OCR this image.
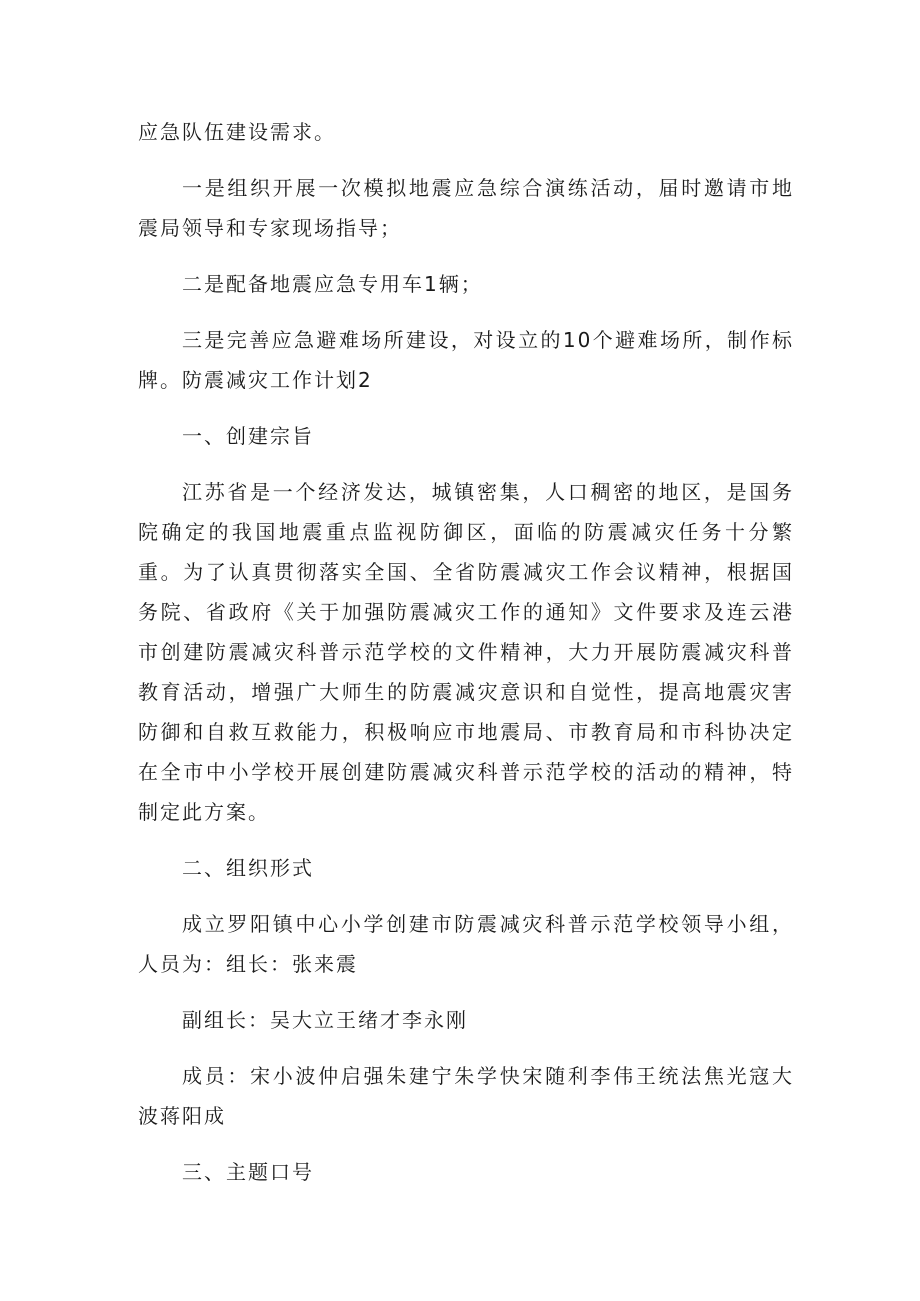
应急队伍建设需求。

一是组织开展一次模拟地震应急综合演练活动，届时邀请市地震局领导和专家现场指导；

二是配备地震应急专用车1辆；

三是完善应急避难场所建设，对设立的10个避难场所，制作标牌。防震减灾工作计划2

一、创建宗旨

江苏省是一个经济发达，城镇密集，人口稠密的地区，是国务院确定的我国地震重点监视防御区，面临的防震减灾任务十分繁重。为了认真贯彻落实全国、全省防震减灾工作会议精神，根据国务院、省政府《关于加强防震减灾工作的通知》文件要求及连云港市创建防震减灾科普示范学校的文件精神，大力开展防震减灾科普教育活动，增强广大师生的防震减灾意识和自觉性，提高地震灾害防御和自救互救能力，积极响应市地震局、市教育局和市科协决定在全市中小学校开展创建防震减灾科普示范学校的活动的精神，特制定此方案。

二、组织形式

成立罗阳镇中心小学创建市防震减灾科普示范学校领导小组，人员为：组长：张来震

副组长：吴大立王绪才李永刚

成员：宋小波仲启强朱建宁朱学快宋随利李伟王统法焦光寇大波蒋阳成

三、主题口号
